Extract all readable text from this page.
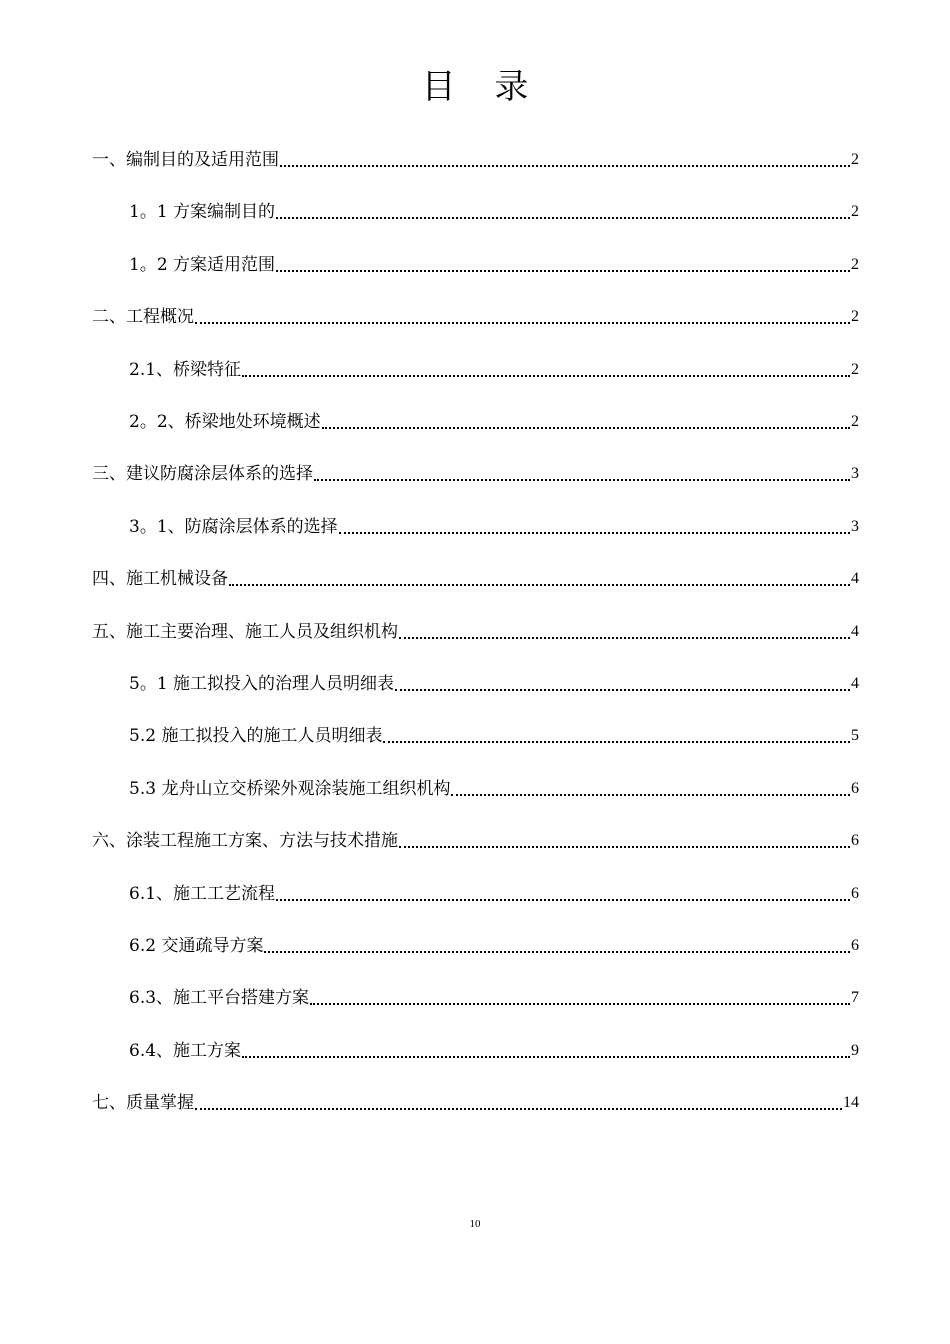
目 录
一、编制目的及适用范围	2
1。1 方案编制目的	2
1。2 方案适用范围	2
二、工程概况	2
2.1、桥梁特征	2
2。2、桥梁地处环境概述	2
三、建议防腐涂层体系的选择	3
3。1、防腐涂层体系的选择	3
四、施工机械设备	4
五、施工主要治理、施工人员及组织机构	4
5。1 施工拟投入的治理人员明细表	4
5.2 施工拟投入的施工人员明细表	5
5.3 龙舟山立交桥梁外观涂装施工组织机构	6
六、涂装工程施工方案、方法与技术措施	6
6.1、施工工艺流程	6
6.2 交通疏导方案	6
6.3、施工平台搭建方案	7
6.4、施工方案	9
七、质量掌握	14
10
